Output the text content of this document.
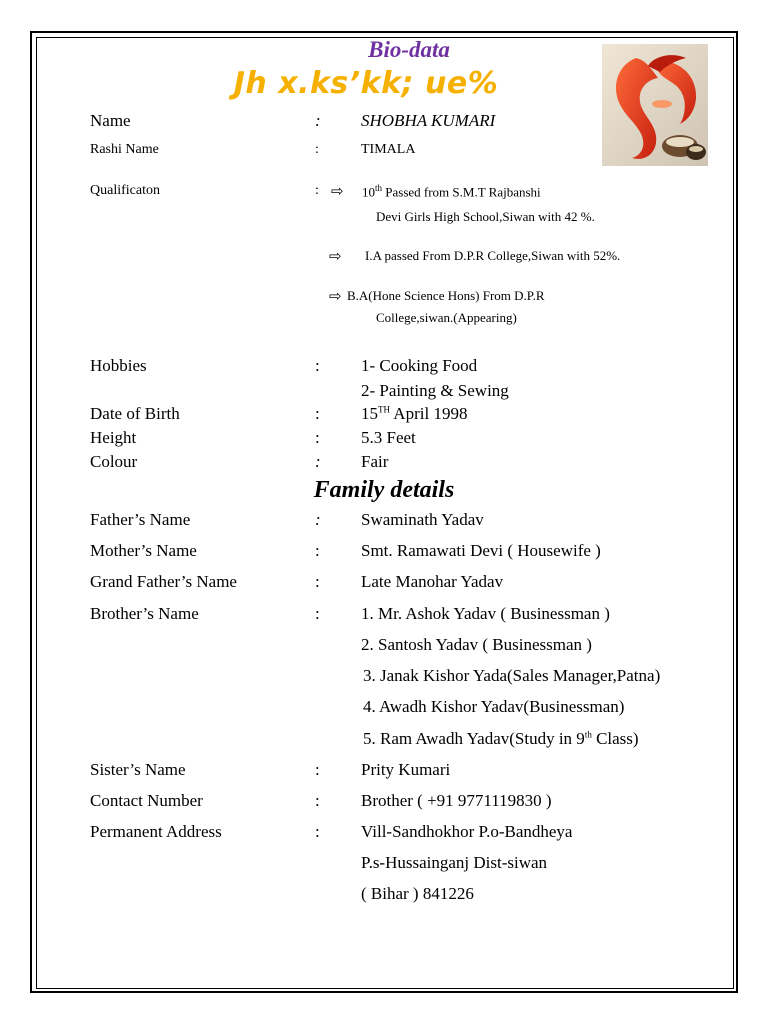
Bio-data
Jh x.ks’kk; ue%
Name	: SHOBHA KUMARI
Rashi Name	:	TIMALA
Qualificaton	: ⇨ 10th Passed from S.M.T Rajbanshi
Devi Girls High School,Siwan with 42 %.
⇨ I.A passed From D.P.R College,Siwan with 52%.
⇨ B.A(Hone Science Hons) From D.P.R
College,siwan.(Appearing)
Hobbies	:	1- Cooking Food
2- Painting & Sewing
Date of Birth	:	15TH April 1998
Height	:	5.3 Feet
Colour	: Fair
Family details
Father’s Name	: Swaminath Yadav
Mother’s Name	:	Smt. Ramawati Devi ( Housewife )
Grand Father’s Name	:	Late Manohar Yadav
Brother’s Name	:	1. Mr. Ashok Yadav ( Businessman )
2. Santosh Yadav ( Businessman )
3. Janak Kishor Yada(Sales Manager,Patna)
4. Awadh Kishor Yadav(Businessman)
5. Ram Awadh Yadav(Study in 9th Class)
Sister’s Name	:	Prity Kumari
Contact Number	:	Brother ( +91 9771119830 )
Permanent Address	:	Vill-Sandhokhor P.o-Bandheya
P.s-Hussainganj Dist-siwan
( Bihar ) 841226
